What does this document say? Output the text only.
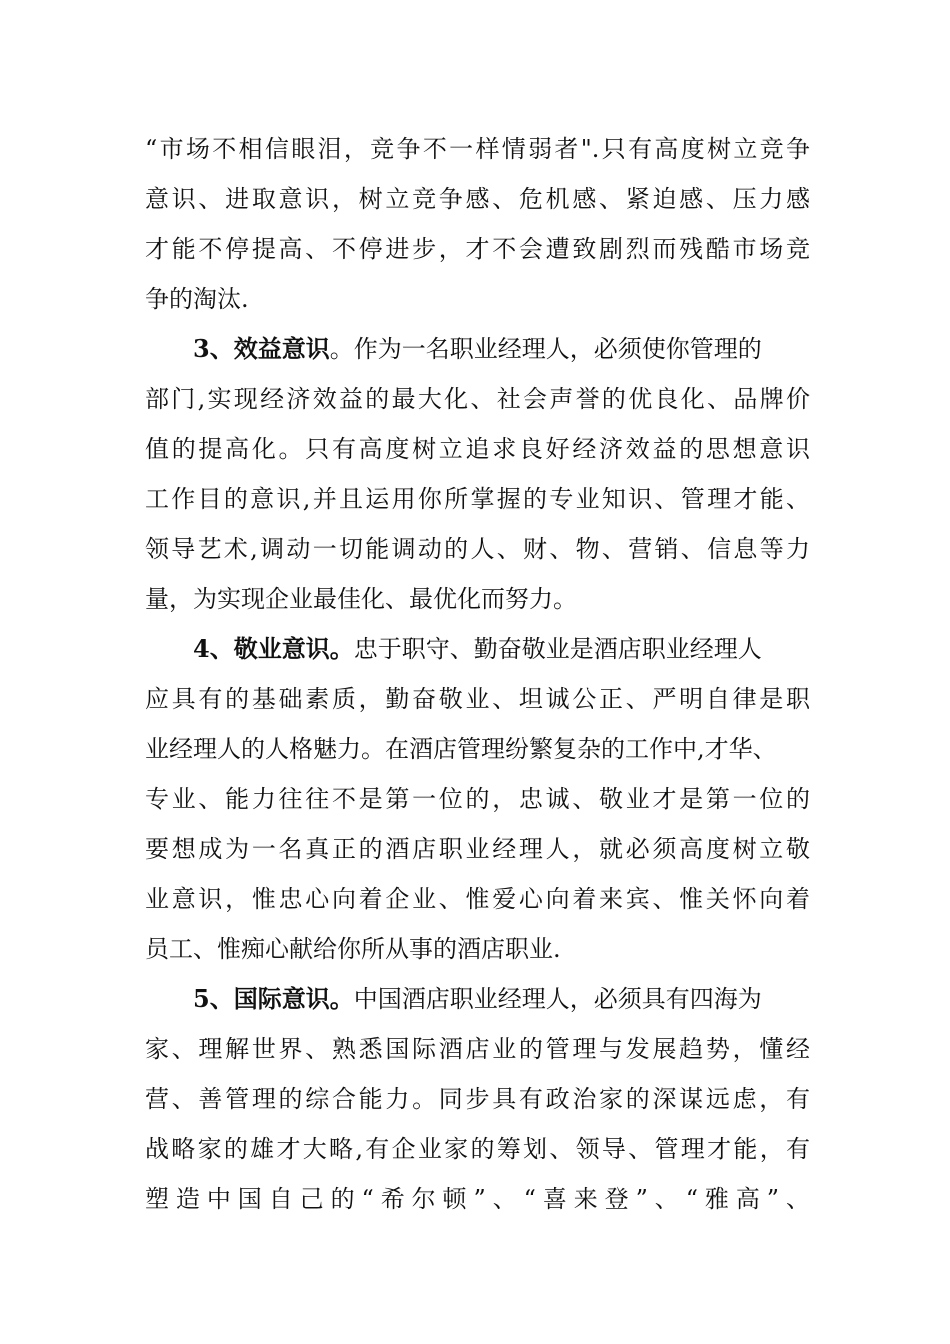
“市场不相信眼泪，竞争不一样情弱者".只有高度树立竞争
意识、进取意识，树立竞争感、危机感、紧迫感、压力感
才能不停提高、不停进步，才不会遭致剧烈而残酷市场竞
争的淘汰.
3、效益意识。作为一名职业经理人，必须使你管理的
部门,实现经济效益的最大化、社会声誉的优良化、品牌价
值的提高化。只有高度树立追求良好经济效益的思想意识
工作目的意识,并且运用你所掌握的专业知识、管理才能、
领导艺术,调动一切能调动的人、财、物、营销、信息等力
量，为实现企业最佳化、最优化而努力。
4、敬业意识。忠于职守、勤奋敬业是酒店职业经理人
应具有的基础素质，勤奋敬业、坦诚公正、严明自律是职
业经理人的人格魅力。在酒店管理纷繁复杂的工作中,才华、
专业、能力往往不是第一位的，忠诚、敬业才是第一位的
要想成为一名真正的酒店职业经理人，就必须高度树立敬
业意识，惟忠心向着企业、惟爱心向着来宾、惟关怀向着
员工、惟痴心献给你所从事的酒店职业.
5、国际意识。中国酒店职业经理人，必须具有四海为
家、理解世界、熟悉国际酒店业的管理与发展趋势，懂经
营、善管理的综合能力。同步具有政治家的深谋远虑，有
战略家的雄才大略,有企业家的筹划、领导、管理才能，有
塑造中国自己的“希尔顿”、“喜来登”、“雅高”、
